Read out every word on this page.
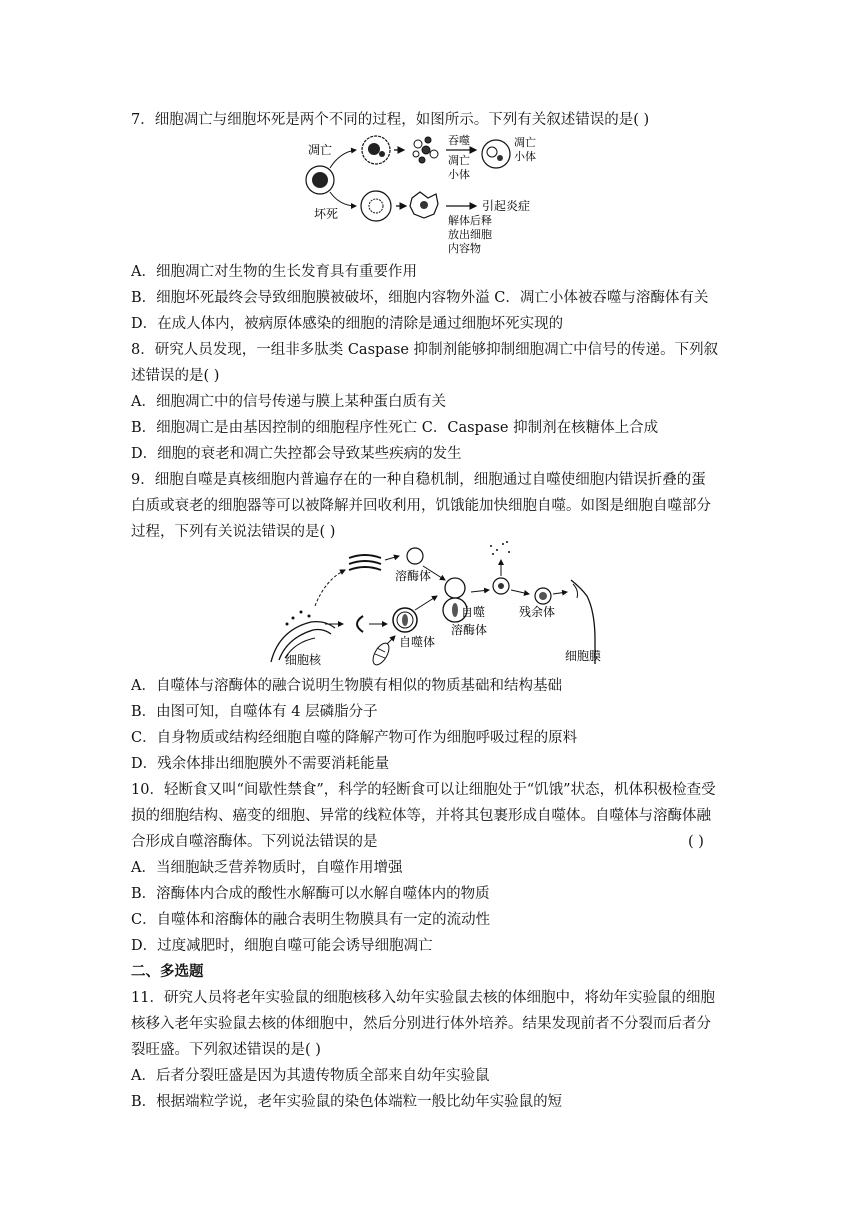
7．细胞凋亡与细胞坏死是两个不同的过程，如图所示。下列有关叙述错误的是( )
凋亡
坏死
吞噬
凋亡
小体
凋亡
小体
引起炎症
解体后释
放出细胞
内容物
A．细胞凋亡对生物的生长发育具有重要作用
B．细胞坏死最终会导致细胞膜被破坏，细胞内容物外溢 C．凋亡小体被吞噬与溶酶体有关
D．在成人体内，被病原体感染的细胞的清除是通过细胞坏死实现的
8．研究人员发现，一组非多肽类 Caspase 抑制剂能够抑制细胞凋亡中信号的传递。下列叙
述错误的是( )
A．细胞凋亡中的信号传递与膜上某种蛋白质有关
B．细胞凋亡是由基因控制的细胞程序性死亡 C．Caspase 抑制剂在核糖体上合成
D．细胞的衰老和凋亡失控都会导致某些疾病的发生
9．细胞自噬是真核细胞内普遍存在的一种自稳机制，细胞通过自噬使细胞内错误折叠的蛋
白质或衰老的细胞器等可以被降解并回收利用，饥饿能加快细胞自噬。如图是细胞自噬部分
过程，下列有关说法错误的是( )
细胞核
溶酶体
自噬体
自噬
溶酶体
残余体
细胞膜
A．自噬体与溶酶体的融合说明生物膜有相似的物质基础和结构基础
B．由图可知，自噬体有 4 层磷脂分子
C．自身物质或结构经细胞自噬的降解产物可作为细胞呼吸过程的原料
D．残余体排出细胞膜外不需要消耗能量
10．轻断食又叫“间歇性禁食”，科学的轻断食可以让细胞处于“饥饿”状态，机体积极检查受
损的细胞结构、癌变的细胞、异常的线粒体等，并将其包裹形成自噬体。自噬体与溶酶体融
合形成自噬溶酶体。下列说法错误的是	( )
A．当细胞缺乏营养物质时，自噬作用增强
B．溶酶体内合成的酸性水解酶可以水解自噬体内的物质
C．自噬体和溶酶体的融合表明生物膜具有一定的流动性
D．过度减肥时，细胞自噬可能会诱导细胞凋亡
二、多选题
11．研究人员将老年实验鼠的细胞核移入幼年实验鼠去核的体细胞中，将幼年实验鼠的细胞
核移入老年实验鼠去核的体细胞中，然后分别进行体外培养。结果发现前者不分裂而后者分
裂旺盛。下列叙述错误的是( )
A．后者分裂旺盛是因为其遗传物质全部来自幼年实验鼠
B．根据端粒学说，老年实验鼠的染色体端粒一般比幼年实验鼠的短
